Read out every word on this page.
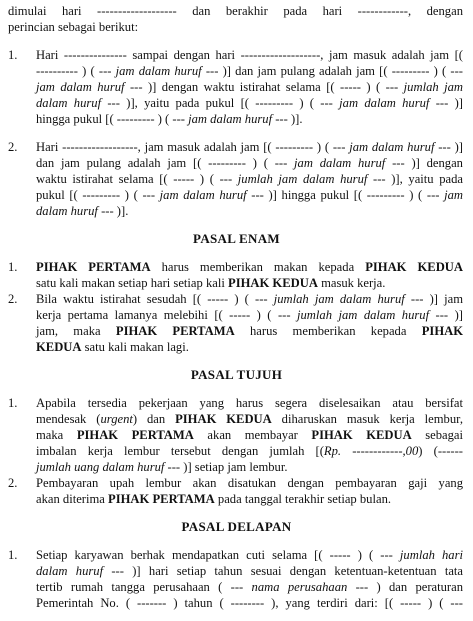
dimulai hari ------------------- dan berakhir pada hari ------------, dengan
perincian sebagai berikut:
1. Hari --------------- sampai dengan hari -------------------, jam masuk adalah jam [(
---------- ) ( --- jam dalam huruf --- )] dan jam pulang adalah jam [( --------- ) ( ---
jam dalam huruf --- )] dengan waktu istirahat selama [( ----- ) ( --- jumlah jam
dalam huruf --- )], yaitu pada pukul [( --------- ) ( --- jam dalam huruf --- )]
hingga pukul [( --------- ) ( --- jam dalam huruf --- )].
2. Hari ------------------, jam masuk adalah jam [( --------- ) ( --- jam dalam huruf --- )]
dan jam pulang adalah jam [( --------- ) ( --- jam dalam huruf --- )] dengan
waktu istirahat selama [( ----- ) ( --- jumlah jam dalam huruf --- )], yaitu pada
pukul [( --------- ) ( --- jam dalam huruf --- )] hingga pukul [( --------- ) ( --- jam
dalam huruf --- )].
PASAL ENAM
1. PIHAK PERTAMA harus memberikan makan kepada PIHAK KEDUA
satu kali makan setiap hari setiap kali PIHAK KEDUA masuk kerja.
2. Bila waktu istirahat sesudah [( ----- ) ( --- jumlah jam dalam huruf --- )] jam
kerja pertama lamanya melebihi [( ----- ) ( --- jumlah jam dalam huruf --- )]
jam, maka PIHAK PERTAMA harus memberikan kepada PIHAK
KEDUA satu kali makan lagi.
PASAL TUJUH
1. Apabila tersedia pekerjaan yang harus segera diselesaikan atau bersifat
mendesak (urgent) dan PIHAK KEDUA diharuskan masuk kerja lembur,
maka PIHAK PERTAMA akan membayar PIHAK KEDUA sebagai
imbalan kerja lembur tersebut dengan jumlah [(Rp. ------------,00) (------
jumlah uang dalam huruf --- )] setiap jam lembur.
2. Pembayaran upah lembur akan disatukan dengan pembayaran gaji yang
akan diterima PIHAK PERTAMA pada tanggal terakhir setiap bulan.
PASAL DELAPAN
1. Setiap karyawan berhak mendapatkan cuti selama [( ----- ) ( --- jumlah hari
dalam huruf --- )] hari setiap tahun sesuai dengan ketentuan-ketentuan tata
tertib rumah tangga perusahaan ( --- nama perusahaan --- ) dan peraturan
Pemerintah No. ( ------- ) tahun ( -------- ), yang terdiri dari: [( ----- ) ( ---
